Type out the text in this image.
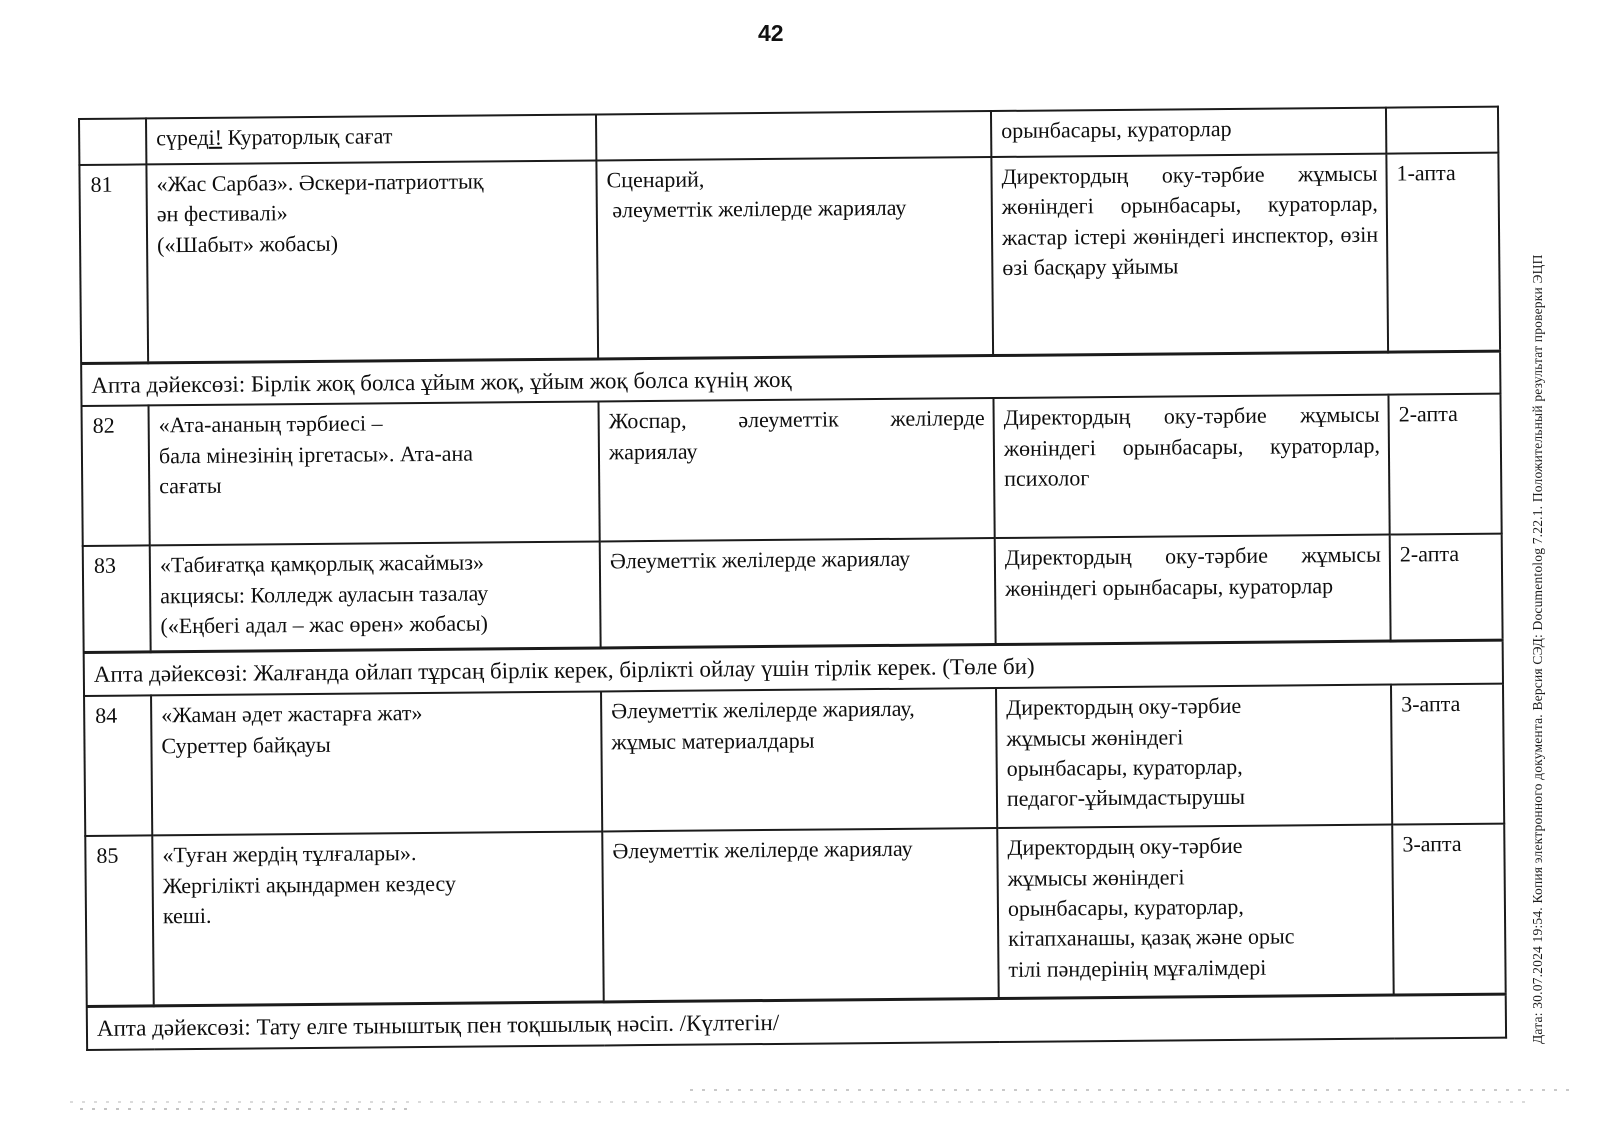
42
	сүреді! Кураторлық сағат		орынбасары, кураторлар	
81	«Жас Сарбаз». Әскери-патриоттық
ән фестивалі»
(«Шабыт» жобасы)	Сценарий,
әлеуметтік желілерде жариялау	Директордың оку-тәрбие жұмысы жөніндегі орынбасары, кураторлар, жастар істері жөніндегі инспектор, өзін өзі басқару ұйымы	1-апта
Апта дәйексөзі: Бірлік жоқ болса ұйым жоқ, ұйым жоқ болса күнің жоқ				
82	«Ата-ананың тәрбиесі –
бала мінезінің іргетасы». Ата-ана
сағаты	Жоспар, әлеуметтік желілерде жариялау	Директордың оку-тәрбие жұмысы жөніндегі орынбасары, кураторлар, психолог	2-апта
83	«Табиғатқа қамқорлық жасаймыз»
акциясы: Колледж ауласын тазалау
(«Еңбегі адал – жас өрен» жобасы)	Әлеуметтік желілерде жариялау	Директордың оку-тәрбие жұмысы жөніндегі орынбасары, кураторлар	2-апта
Апта дәйексөзі: Жалғанда ойлап тұрсаң бірлік керек, бірлікті ойлау үшін тірлік керек. (Төле би)				
84	«Жаман әдет жастарға жат»
Суреттер байқауы	Әлеуметтік желілерде жариялау,
жұмыс материалдары	Директордың оку-тәрбие
жұмысы жөніндегі
орынбасары, кураторлар,
педагог-ұйымдастырушы	3-апта
85	«Туған жердің тұлғалары».
Жергілікті ақындармен кездесу
кеші.	Әлеуметтік желілерде жариялау	Директордың оку-тәрбие
жұмысы жөніндегі
орынбасары, кураторлар,
кітапханашы, қазақ және орыс
тілі пәндерінің мұғалімдері	3-апта
Апта дәйексөзі: Тату елге тыныштық пен тоқшылық нәсіп. /Күлтегін/					Дата: 30.07.2024 19:54. Копия электронного документа. Версия СЭД: Documentolog 7.22.1. Положительный результат проверки ЭЦП
